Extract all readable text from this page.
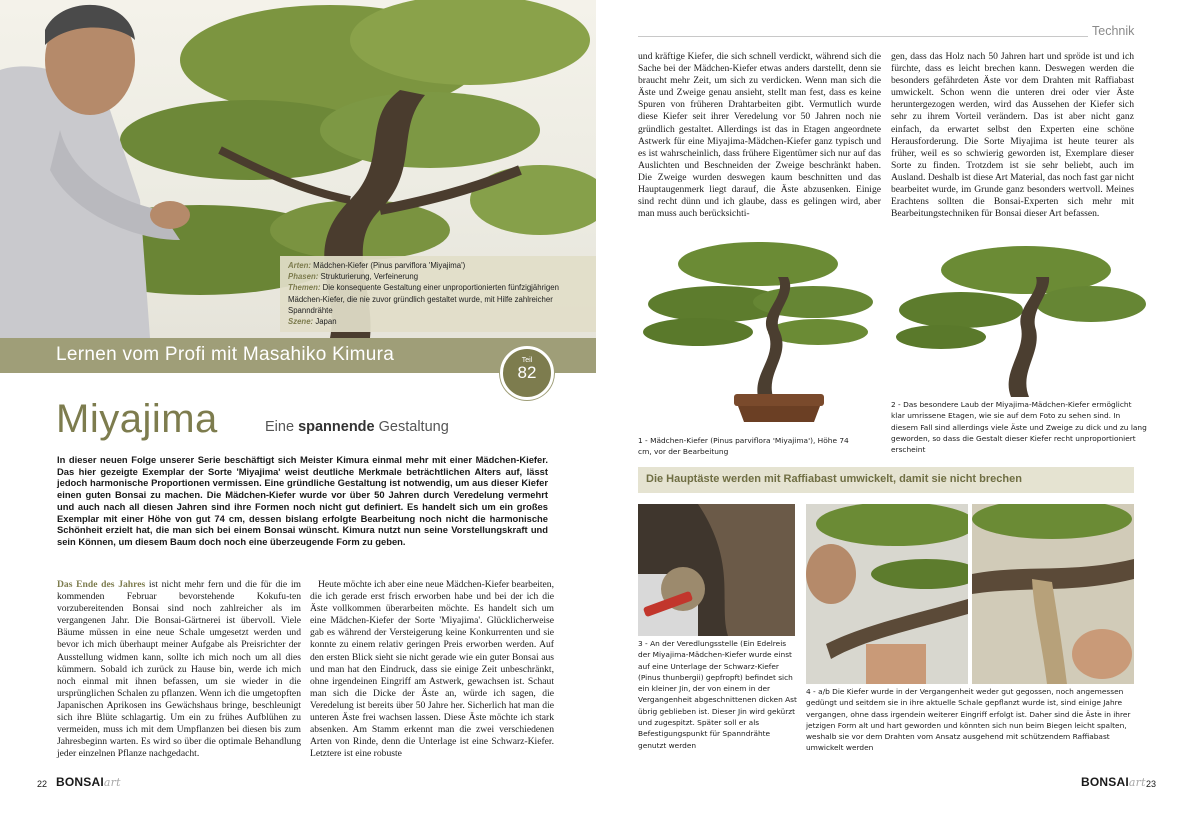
Arten: Mädchen-Kiefer (Pinus parviflora 'Miyajima')
Phasen: Strukturierung, Verfeinerung
Themen: Die konsequente Gestaltung einer unproportionierten fünfzigjährigen Mädchen-Kiefer, die nie zuvor gründlich gestaltet wurde, mit Hilfe zahlreicher Spanndrähte
Szene: Japan
Lernen vom Profi mit Masahiko Kimura	Teil
82
Miyajima	Eine spannende Gestaltung
In dieser neuen Folge unserer Serie beschäftigt sich Meister Kimura einmal mehr mit einer Mädchen-Kiefer. Das hier gezeigte Exemplar der Sorte 'Miyajima' weist deutliche Merkmale beträchtlichen Alters auf, lässt jedoch harmonische Proportionen vermissen. Eine gründliche Gestaltung ist notwendig, um aus dieser Kiefer einen guten Bonsai zu machen. Die Mädchen-Kiefer wurde vor über 50 Jahren durch Veredelung vermehrt und auch nach all diesen Jahren sind ihre Formen noch nicht gut definiert. Es handelt sich um ein großes Exemplar mit einer Höhe von gut 74 cm, dessen bislang erfolgte Bearbeitung noch nicht die harmonische Schönheit erzielt hat, die man sich bei einem Bonsai wünscht. Kimura nutzt nun seine Vorstellungskraft und sein Können, um diesem Baum doch noch eine überzeugende Form zu geben.
Das Ende des Jahres ist nicht mehr fern und die für die im kommenden Februar bevorstehende Kokufu-ten vorzubereitenden Bonsai sind noch zahlreicher als im vergangenen Jahr. Die Bonsai-Gärtnerei ist übervoll. Viele Bäume müssen in eine neue Schale umgesetzt werden und bevor ich mich überhaupt meiner Aufgabe als Preisrichter der Ausstellung widmen kann, sollte ich mich noch um all dies kümmern. Sobald ich zurück zu Hause bin, werde ich mich noch einmal mit ihnen befassen, um sie wieder in die ursprünglichen Schalen zu pflanzen. Wenn ich die umgetopften Japanischen Aprikosen ins Gewächshaus bringe, beschleunigt sich ihre Blüte schlagartig. Um ein zu frühes Aufblühen zu vermeiden, muss ich mit dem Umpflanzen bei diesen bis zum Jahresbeginn warten. Es wird so über die optimale Behandlung jeder einzelnen Pflanze nachgedacht.
Heute möchte ich aber eine neue Mädchen-Kiefer bearbeiten, die ich gerade erst frisch erworben habe und bei der ich die Äste vollkommen überarbeiten möchte. Es handelt sich um eine Mädchen-Kiefer der Sorte 'Miyajima'. Glücklicherweise gab es während der Versteigerung keine Konkurrenten und sie konnte zu einem relativ geringen Preis erworben werden. Auf den ersten Blick sieht sie nicht gerade wie ein guter Bonsai aus und man hat den Eindruck, dass sie einige Zeit unbeschränkt, ohne irgendeinen Eingriff am Astwerk, gewachsen ist. Schaut man sich die Dicke der Äste an, würde ich sagen, die Veredelung ist bereits über 50 Jahre her. Sicherlich hat man die unteren Äste frei wachsen lassen. Diese Äste möchte ich stark absenken. Am Stamm erkennt man die zwei verschiedenen Arten von Rinde, denn die Unterlage ist eine Schwarz-Kiefer. Letztere ist eine robuste
22 BONSAIart
Technik
und kräftige Kiefer, die sich schnell verdickt, während sich die Sache bei der Mädchen-Kiefer etwas anders darstellt, denn sie braucht mehr Zeit, um sich zu verdicken. Wenn man sich die Äste und Zweige genau ansieht, stellt man fest, dass es keine Spuren von früheren Drahtarbeiten gibt. Vermutlich wurde diese Kiefer seit ihrer Veredelung vor 50 Jahren noch nie gründlich gestaltet. Allerdings ist das in Etagen angeordnete Astwerk für eine Miyajima-Mädchen-Kiefer ganz typisch und es ist wahrscheinlich, dass frühere Eigentümer sich nur auf das Auslichten und Beschneiden der Zweige beschränkt haben. Die Zweige wurden deswegen kaum beschnitten und das Hauptaugenmerk liegt darauf, die Äste abzusenken. Einige sind recht dünn und ich glaube, dass es gelingen wird, aber man muss auch berücksichti-
gen, dass das Holz nach 50 Jahren hart und spröde ist und ich fürchte, dass es leicht brechen kann. Deswegen werden die besonders gefährdeten Äste vor dem Drahten mit Raffiabast umwickelt. Schon wenn die unteren drei oder vier Äste heruntergezogen werden, wird das Aussehen der Kiefer sich sehr zu ihrem Vorteil verändern. Das ist aber nicht ganz einfach, da erwartet selbst den Experten eine schöne Herausforderung. Die Sorte Miyajima ist heute teurer als früher, weil es so schwierig geworden ist, Exemplare dieser Sorte zu finden. Trotzdem ist sie sehr beliebt, auch im Ausland. Deshalb ist diese Art Material, das noch fast gar nicht bearbeitet wurde, im Grunde ganz besonders wertvoll. Meines Erachtens sollten die Bonsai-Experten sich mehr mit Bearbeitungstechniken für Bonsai dieser Art befassen.
1 - Mädchen-Kiefer (Pinus parviflora 'Miyajima'), Höhe 74 cm, vor der Bearbeitung
2 - Das besondere Laub der Miyajima-Mädchen-Kiefer ermöglicht klar umrissene Etagen, wie sie auf dem Foto zu sehen sind. In diesem Fall sind allerdings viele Äste und Zweige zu dick und zu lang geworden, so dass die Gestalt dieser Kiefer recht unproportioniert erscheint
Die Hauptäste werden mit Raffiabast umwickelt, damit sie nicht brechen
3 - An der Veredlungsstelle (Ein Edelreis der Miyajima-Mädchen-Kiefer wurde einst auf eine Unterlage der Schwarz-Kiefer (Pinus thunbergii) gepfropft) befindet sich ein kleiner Jin, der von einem in der Vergangenheit abgeschnittenen dicken Ast übrig geblieben ist. Dieser Jin wird gekürzt und zugespitzt. Später soll er als Befestigungspunkt für Spanndrähte genutzt werden
4 - a/b Die Kiefer wurde in der Vergangenheit weder gut gegossen, noch angemessen gedüngt und seitdem sie in ihre aktuelle Schale gepflanzt wurde ist, sind einige Jahre vergangen, ohne dass irgendein weiterer Eingriff erfolgt ist. Daher sind die Äste in ihrer jetzigen Form alt und hart geworden und könnten sich nun beim Biegen leicht spalten, weshalb sie vor dem Drahten vom Ansatz ausgehend mit schützendem Raffiabast umwickelt werden
BONSAIart 23
